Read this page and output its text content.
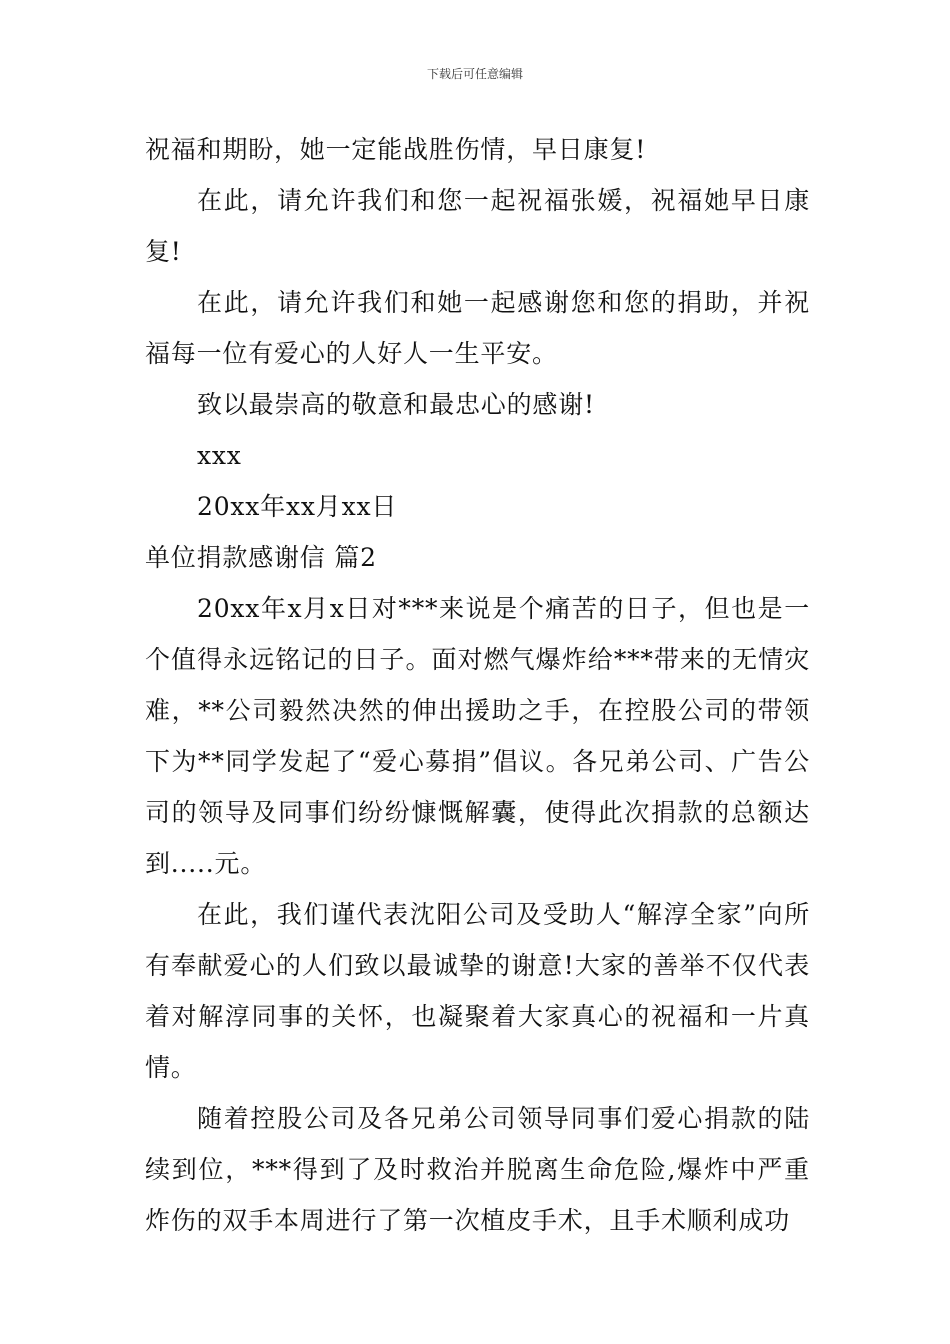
下载后可任意编辑

祝福和期盼，她一定能战胜伤情，早日康复!

在此，请允许我们和您一起祝福张媛，祝福她早日康复!

在此，请允许我们和她一起感谢您和您的捐助，并祝福每一位有爱心的人好人一生平安。

致以最崇高的敬意和最忠心的感谢!

xxx

20xx年xx月xx日

单位捐款感谢信 篇2

20xx年x月x日对***来说是个痛苦的日子，但也是一个值得永远铭记的日子。面对燃气爆炸给***带来的无情灾难，**公司毅然决然的伸出援助之手，在控股公司的带领下为**同学发起了“爱心募捐”倡议。各兄弟公司、广告公司的领导及同事们纷纷慷慨解囊，使得此次捐款的总额达到.....元。

在此，我们谨代表沈阳公司及受助人“解淳全家”向所有奉献爱心的人们致以最诚挚的谢意!大家的善举不仅代表着对解淳同事的关怀，也凝聚着大家真心的祝福和一片真情。

随着控股公司及各兄弟公司领导同事们爱心捐款的陆续到位，***得到了及时救治并脱离生命危险,爆炸中严重炸伤的双手本周进行了第一次植皮手术，且手术顺利成功
